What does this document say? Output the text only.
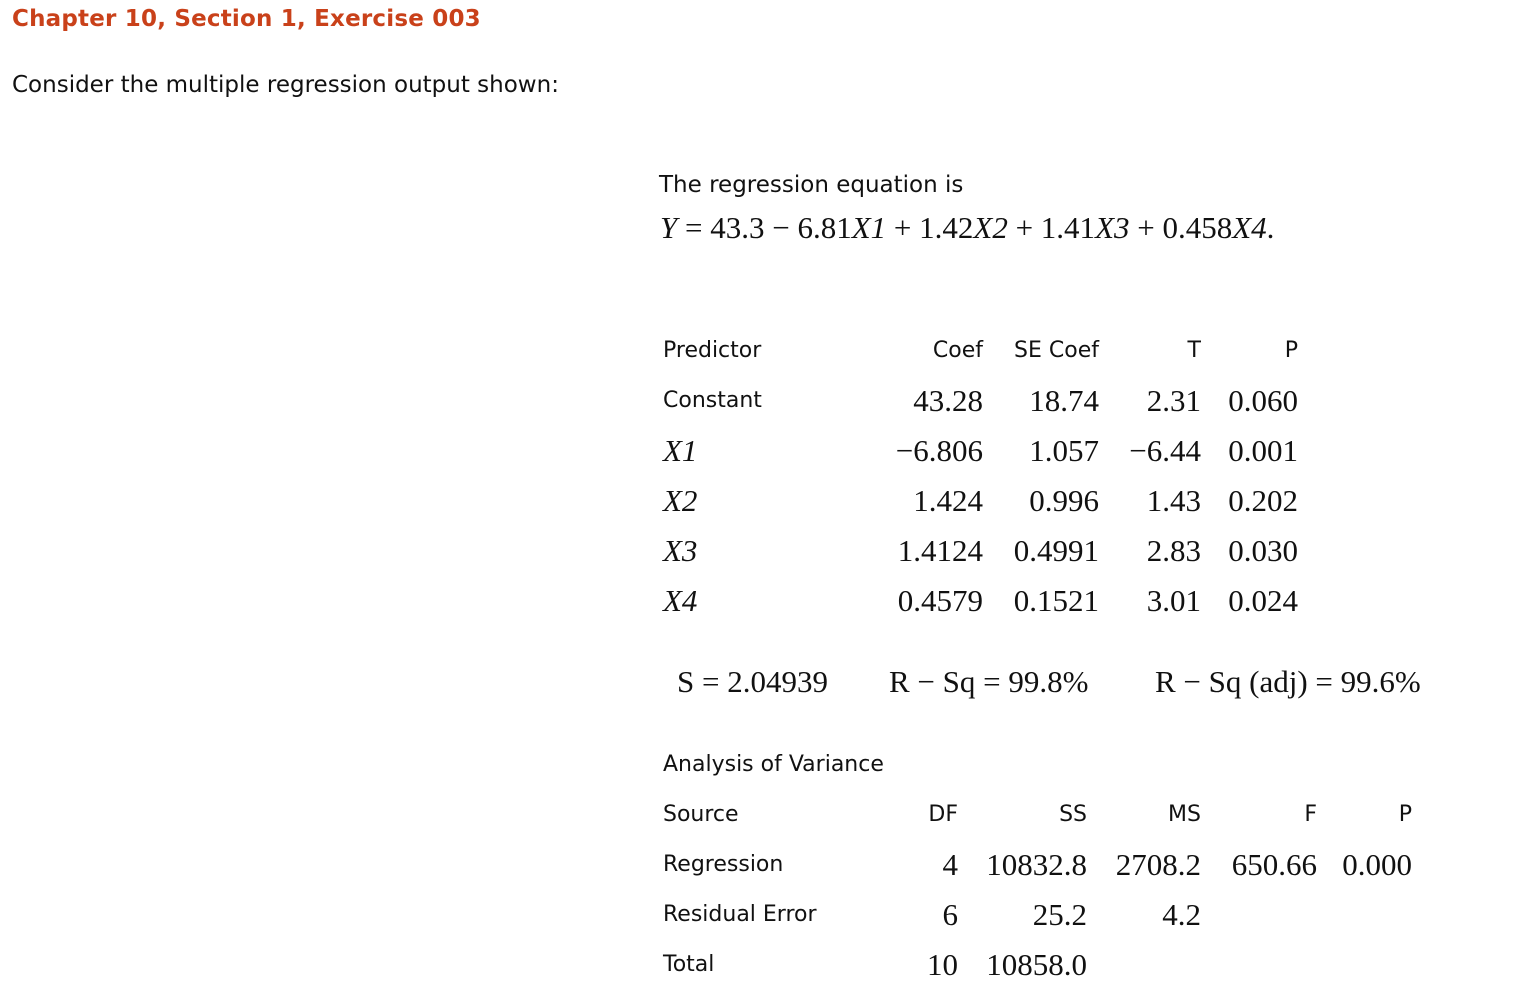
Chapter 10, Section 1, Exercise 003
Consider the multiple regression output shown:
The regression equation is
Y = 43.3 − 6.81X1 + 1.42X2 + 1.41X3 + 0.458X4.
Predictor	Coef	SE Coef	T	P
Constant	43.28	18.74	2.31 0.060
X1	−6.806	1.057 −6.44 0.001
X2	1.424	0.996	1.43 0.202
X3	1.4124 0.4991	2.83 0.030
X4	0.4579 0.1521	3.01 0.024
S = 2.04939 R − Sq = 99.8% R − Sq (adj) = 99.6%
Analysis of Variance
Source	DF	SS	MS	F	P
Regression	4 10832.8 2708.2 650.66 0.000
Residual Error	6	25.2	4.2
Total	10 10858.0
